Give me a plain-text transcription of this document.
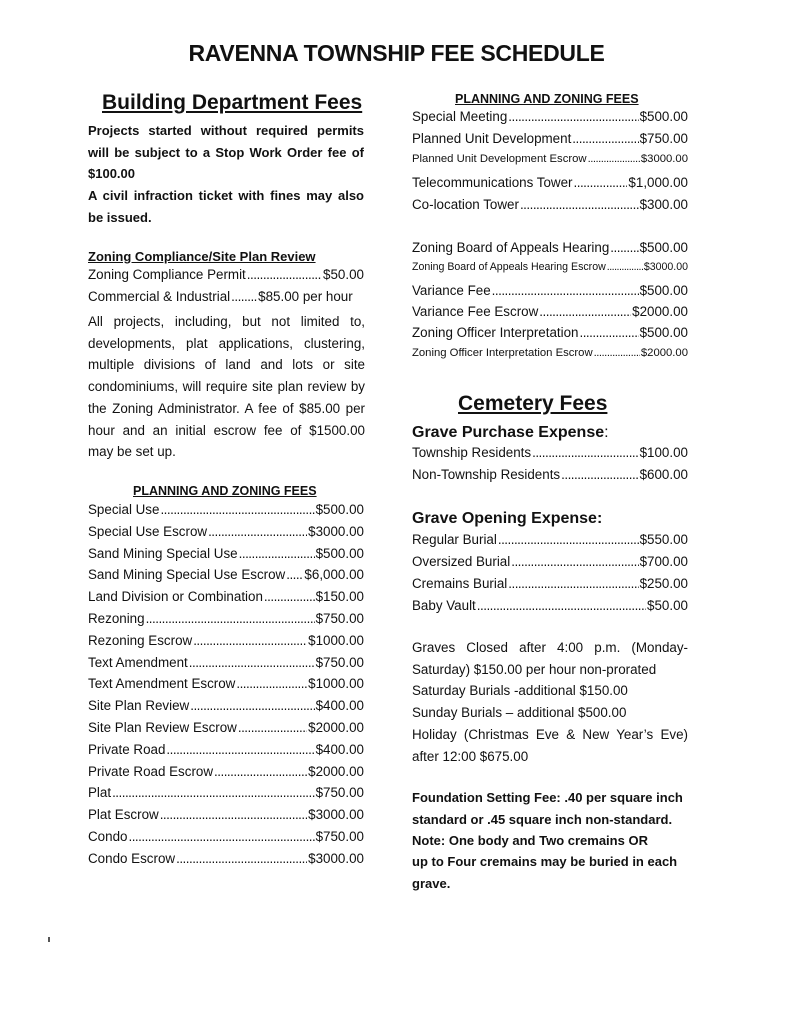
RAVENNA TOWNSHIP FEE SCHEDULE
Building Department Fees
Projects started without required permits will be subject to a Stop Work Order fee of $100.00
A civil infraction ticket with fines may also be issued.
Zoning Compliance/Site Plan Review
Zoning Compliance Permit .....	$50.00
Commercial & Industrial ..... $85.00 per hour
All projects, including, but not limited to, developments, plat applications, clustering, multiple divisions of land and lots or site condominiums, will require site plan review by the Zoning Administrator. A fee of $85.00 per hour and an initial escrow fee of $1500.00 may be set up.
PLANNING AND ZONING FEES
Special Use .....	$500.00
Special Use Escrow .....	$3000.00
Sand Mining Special Use .....	$500.00
Sand Mining Special Use Escrow ..... $6,000.00
Land Division or Combination .....	$150.00
Rezoning .....	$750.00
Rezoning Escrow .....	$1000.00
Text Amendment .....	$750.00
Text Amendment Escrow .....	$1000.00
Site Plan Review .....	$400.00
Site Plan Review Escrow .....	$2000.00
Private Road .....	$400.00
Private Road Escrow .....	$2000.00
Plat .....	$750.00
Plat Escrow .....	$3000.00
Condo .....	$750.00
Condo Escrow .....	$3000.00
PLANNING AND ZONING FEES
Special Meeting .....	$500.00
Planned Unit Development .....	$750.00
Planned Unit Development Escrow .....	$3000.00
Telecommunications Tower .....	$1,000.00
Co-location Tower .....	$300.00
Zoning Board of Appeals Hearing ..... $500.00
Zoning Board of Appeals Hearing Escrow .....	$3000.00
Variance Fee .....	$500.00
Variance Fee Escrow .....	$2000.00
Zoning Officer Interpretation .....	$500.00
Zoning Officer Interpretation Escrow .....	$2000.00
Cemetery Fees
Grave Purchase Expense:
Township Residents .....	$100.00
Non-Township Residents .....	$600.00
Grave Opening Expense:
Regular Burial .....	$550.00
Oversized Burial .....	$700.00
Cremains Burial .....	$250.00
Baby Vault .....	$50.00
Graves Closed after 4:00 p.m. (Monday-Saturday) $150.00 per hour non-prorated
Saturday Burials -additional $150.00
Sunday Burials – additional $500.00
Holiday (Christmas Eve & New Year’s Eve) after 12:00 $675.00
Foundation Setting Fee: .40 per square inch standard or .45 square inch non-standard.
Note: One body and Two cremains OR
up to Four cremains may be buried in each grave.
